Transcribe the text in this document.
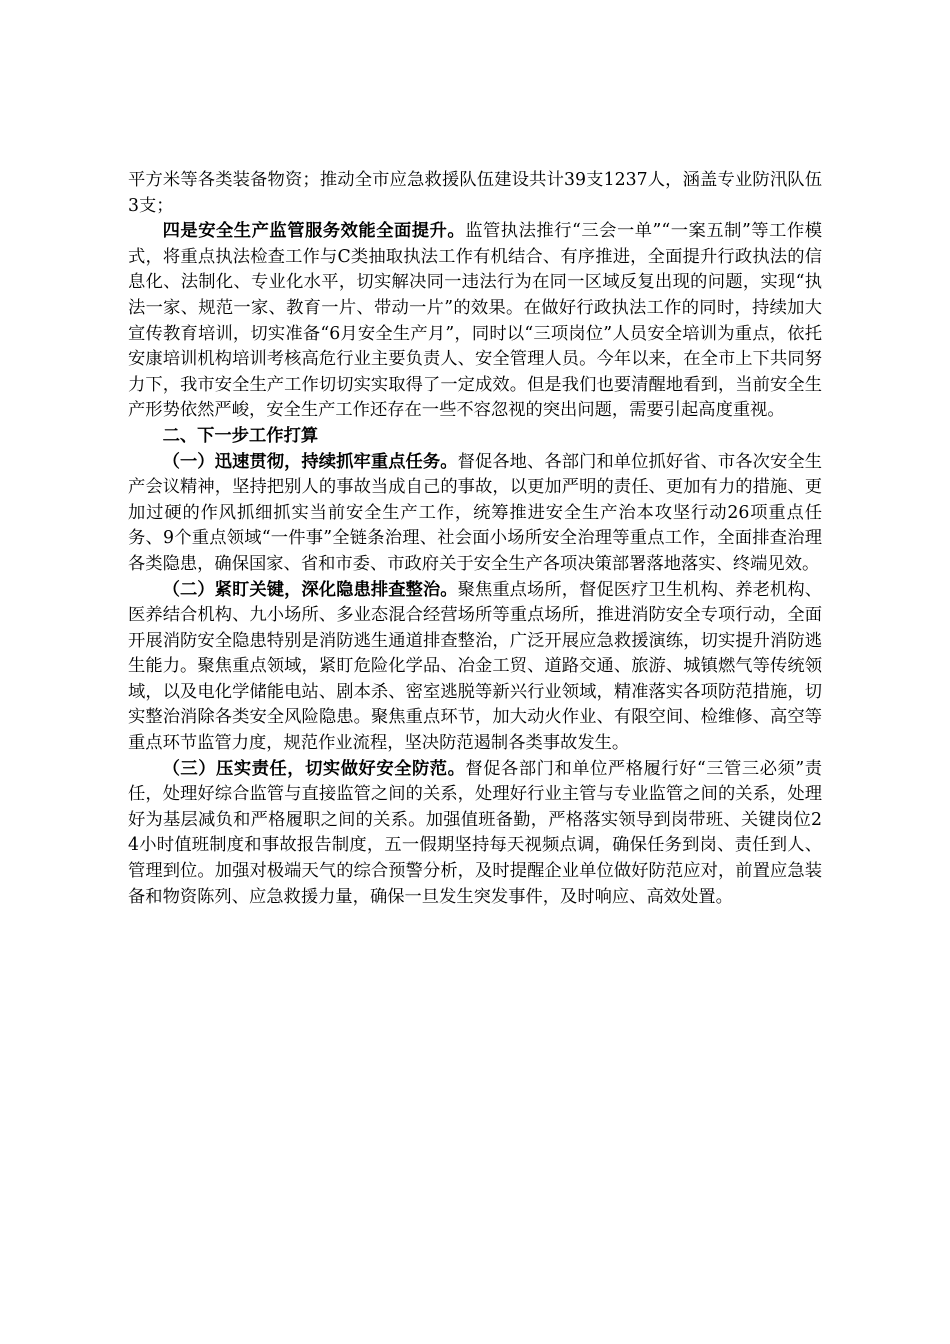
平方米等各类装备物资；推动全市应急救援队伍建设共计39支1237人，涵盖专业防汛队伍3支；

四是安全生产监管服务效能全面提升。监管执法推行“三会一单”“一案五制”等工作模式，将重点执法检查工作与C类抽取执法工作有机结合、有序推进，全面提升行政执法的信息化、法制化、专业化水平，切实解决同一违法行为在同一区域反复出现的问题，实现“执法一家、规范一家、教育一片、带动一片”的效果。在做好行政执法工作的同时，持续加大宣传教育培训，切实准备“6月安全生产月”，同时以“三项岗位”人员安全培训为重点，依托安康培训机构培训考核高危行业主要负责人、安全管理人员。今年以来，在全市上下共同努力下，我市安全生产工作切切实实取得了一定成效。但是我们也要清醒地看到，当前安全生产形势依然严峻，安全生产工作还存在一些不容忽视的突出问题，需要引起高度重视。

二、下一步工作打算

（一）迅速贯彻，持续抓牢重点任务。督促各地、各部门和单位抓好省、市各次安全生产会议精神，坚持把别人的事故当成自己的事故，以更加严明的责任、更加有力的措施、更加过硬的作风抓细抓实当前安全生产工作，统筹推进安全生产治本攻坚行动26项重点任务、9个重点领域“一件事”全链条治理、社会面小场所安全治理等重点工作，全面排查治理各类隐患，确保国家、省和市委、市政府关于安全生产各项决策部署落地落实、终端见效。

（二）紧盯关键，深化隐患排查整治。聚焦重点场所，督促医疗卫生机构、养老机构、医养结合机构、九小场所、多业态混合经营场所等重点场所，推进消防安全专项行动，全面开展消防安全隐患特别是消防逃生通道排查整治，广泛开展应急救援演练，切实提升消防逃生能力。聚焦重点领域，紧盯危险化学品、冶金工贸、道路交通、旅游、城镇燃气等传统领域，以及电化学储能电站、剧本杀、密室逃脱等新兴行业领域，精准落实各项防范措施，切实整治消除各类安全风险隐患。聚焦重点环节，加大动火作业、有限空间、检维修、高空等重点环节监管力度，规范作业流程，坚决防范遏制各类事故发生。

（三）压实责任，切实做好安全防范。督促各部门和单位严格履行好“三管三必须”责任，处理好综合监管与直接监管之间的关系，处理好行业主管与专业监管之间的关系，处理好为基层减负和严格履职之间的关系。加强值班备勤，严格落实领导到岗带班、关键岗位24小时值班制度和事故报告制度，五一假期坚持每天视频点调，确保任务到岗、责任到人、管理到位。加强对极端天气的综合预警分析，及时提醒企业单位做好防范应对，前置应急装备和物资陈列、应急救援力量，确保一旦发生突发事件，及时响应、高效处置。
